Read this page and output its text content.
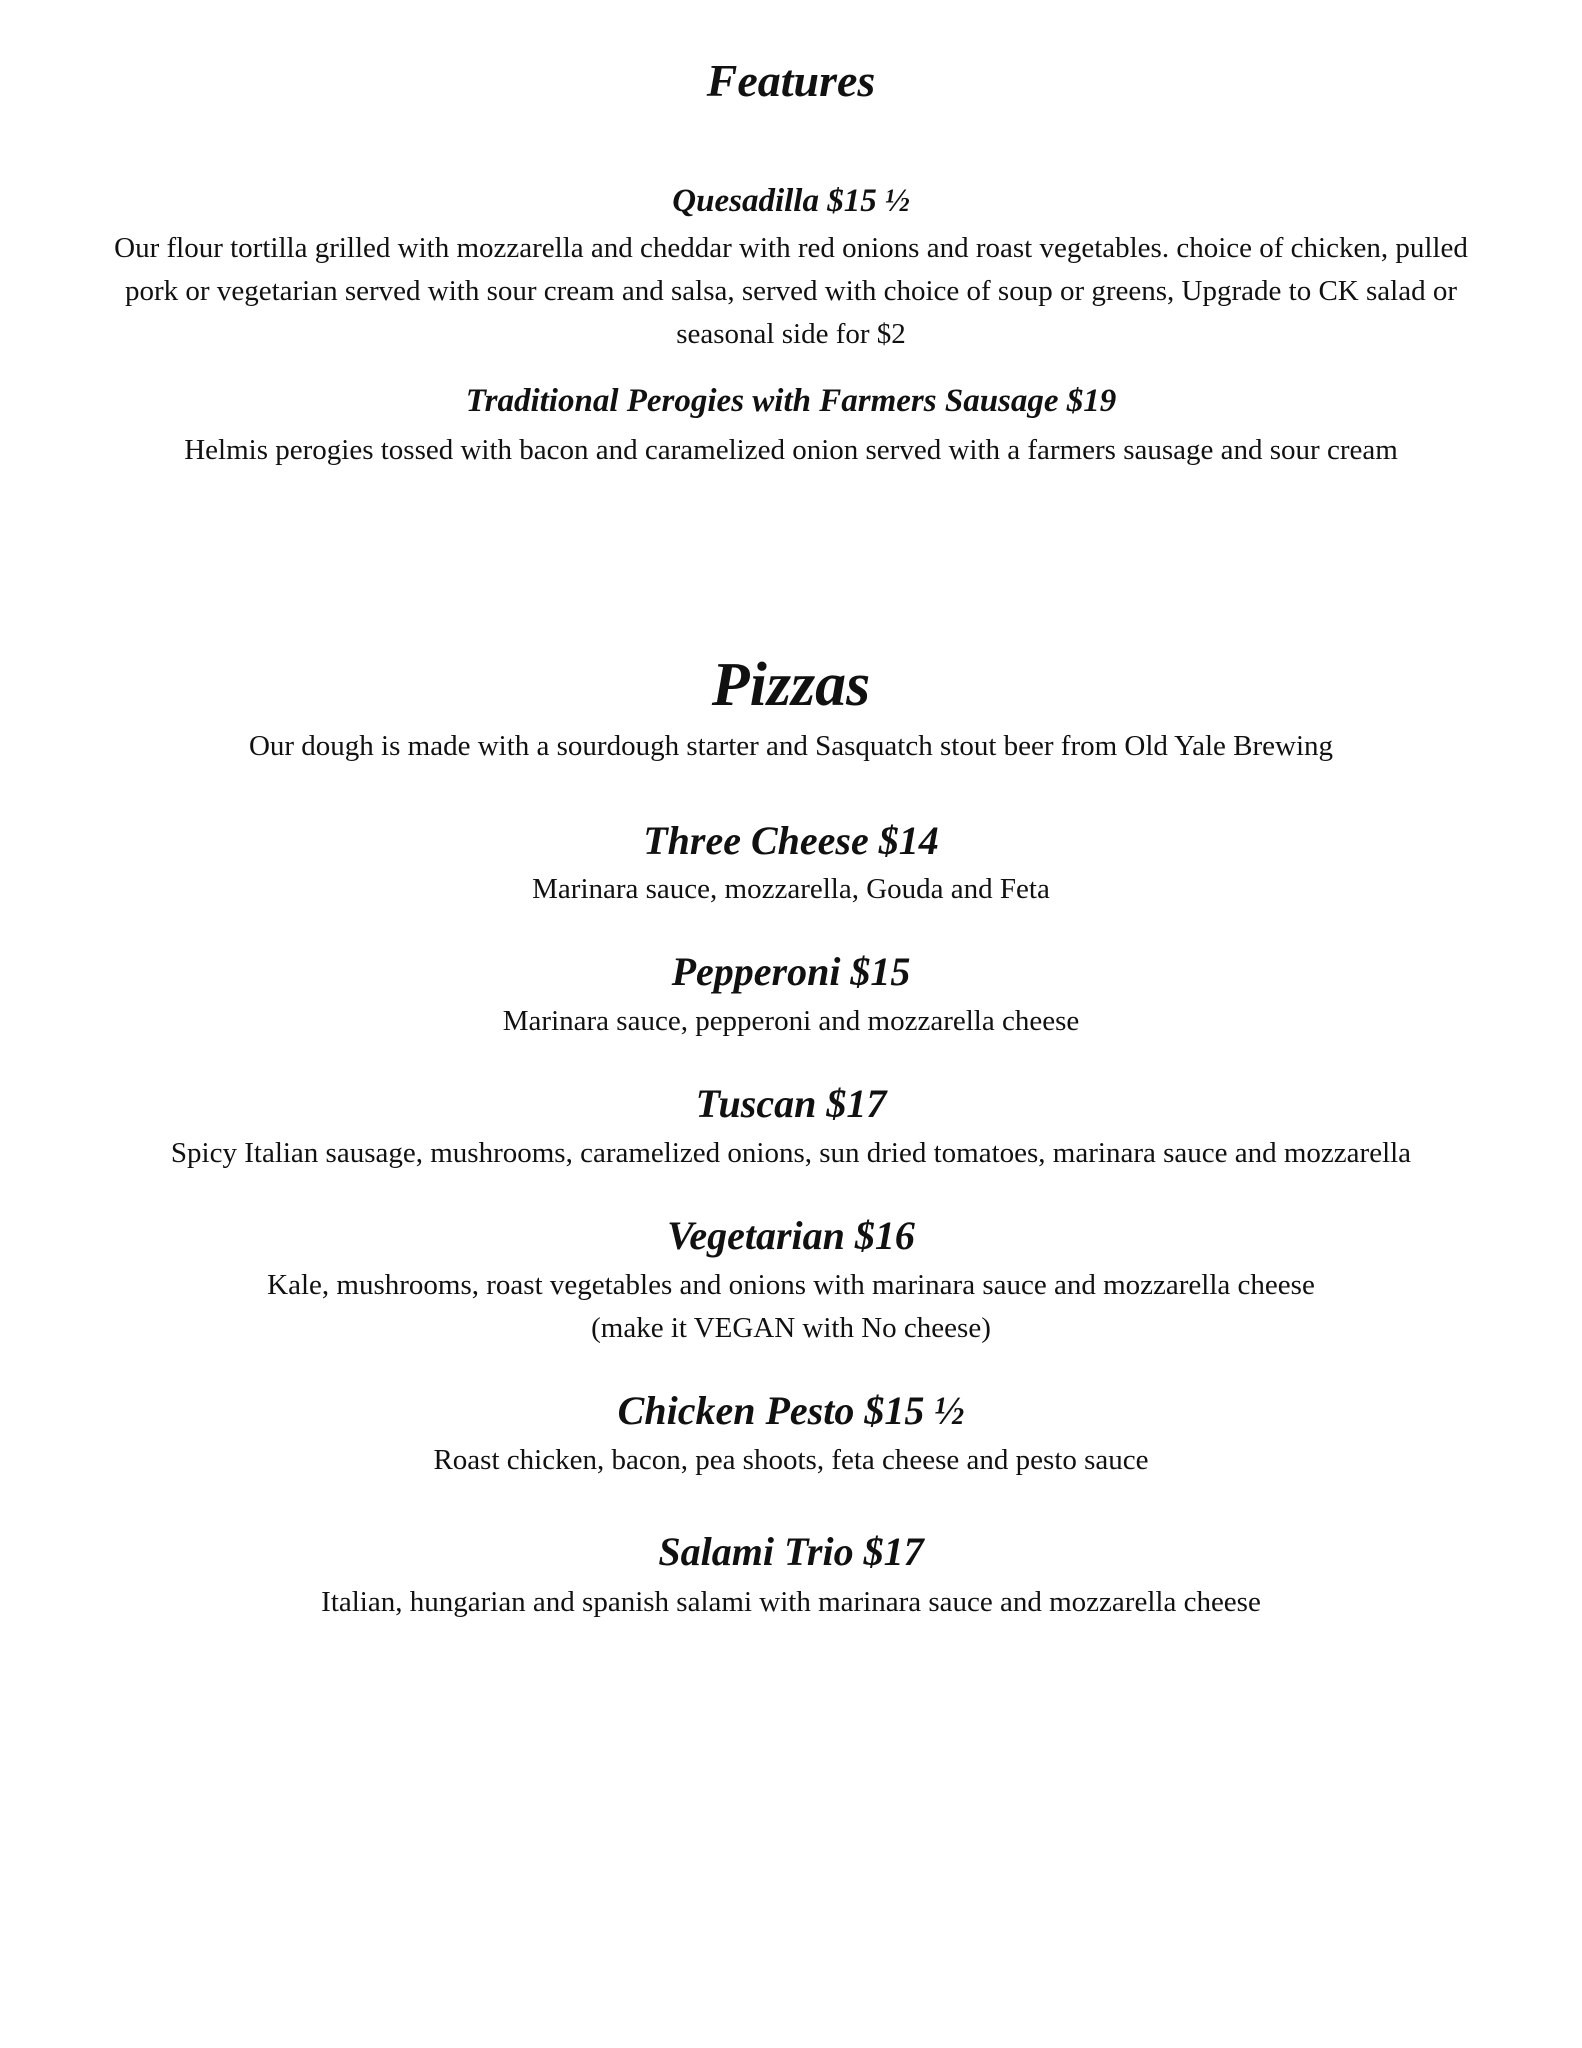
Features
Quesadilla $15 ½
Our flour tortilla grilled with mozzarella and cheddar with red onions and roast vegetables. choice of chicken, pulled
pork or vegetarian served with sour cream and salsa, served with choice of soup or greens, Upgrade to CK salad or
seasonal side for $2
Traditional Perogies with Farmers Sausage $19
Helmis perogies tossed with bacon and caramelized onion served with a farmers sausage and sour cream
Pizzas
Our dough is made with a sourdough starter and Sasquatch stout beer from Old Yale Brewing
Three Cheese $14
Marinara sauce, mozzarella, Gouda and Feta
Pepperoni $15
Marinara sauce, pepperoni and mozzarella cheese
Tuscan $17
Spicy Italian sausage, mushrooms, caramelized onions, sun dried tomatoes, marinara sauce and mozzarella
Vegetarian $16
Kale, mushrooms, roast vegetables and onions with marinara sauce and mozzarella cheese
(make it VEGAN with No cheese)
Chicken Pesto $15 ½
Roast chicken, bacon, pea shoots, feta cheese and pesto sauce
Salami Trio $17
Italian, hungarian and spanish salami with marinara sauce and mozzarella cheese
